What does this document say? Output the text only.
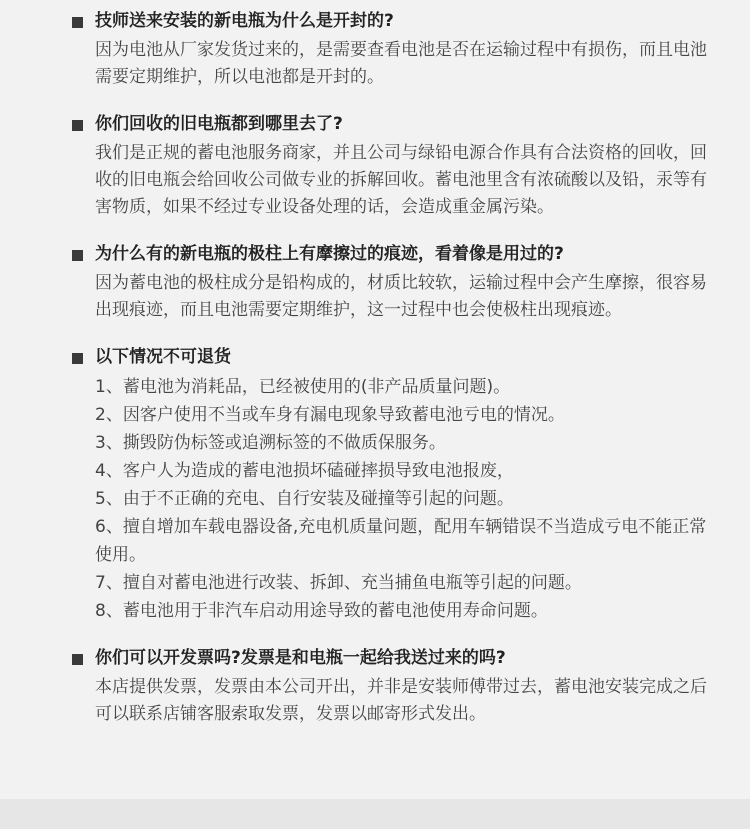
技师送来安装的新电瓶为什么是开封的?

因为电池从厂家发货过来的，是需要查看电池是否在运输过程中有损伤，而且电池需要定期维护，所以电池都是开封的。

你们回收的旧电瓶都到哪里去了?

我们是正规的蓄电池服务商家，并且公司与绿铅电源合作具有合法资格的回收，回收的旧电瓶会给回收公司做专业的拆解回收。蓄电池里含有浓硫酸以及铅，汞等有害物质，如果不经过专业设备处理的话，会造成重金属污染。

为什么有的新电瓶的极柱上有摩擦过的痕迹，看着像是用过的?

因为蓄电池的极柱成分是铅构成的，材质比较软，运输过程中会产生摩擦，很容易出现痕迹，而且电池需要定期维护，这一过程中也会使极柱出现痕迹。

以下情况不可退货

1、蓄电池为消耗品，已经被使用的(非产品质量问题)。
2、因客户使用不当或车身有漏电现象导致蓄电池亏电的情况。
3、撕毁防伪标签或追溯标签的不做质保服务。
4、客户人为造成的蓄电池损坏磕碰摔损导致电池报废，
5、由于不正确的充电、自行安装及碰撞等引起的问题。
6、擅自增加车载电器设备,充电机质量问题，配用车辆错误不当造成亏电不能正常使用。
7、擅自对蓄电池进行改装、拆卸、充当捕鱼电瓶等引起的问题。
8、蓄电池用于非汽车启动用途导致的蓄电池使用寿命问题。

你们可以开发票吗?发票是和电瓶一起给我送过来的吗?

本店提供发票，发票由本公司开出，并非是安装师傅带过去，蓄电池安装完成之后可以联系店铺客服索取发票，发票以邮寄形式发出。
